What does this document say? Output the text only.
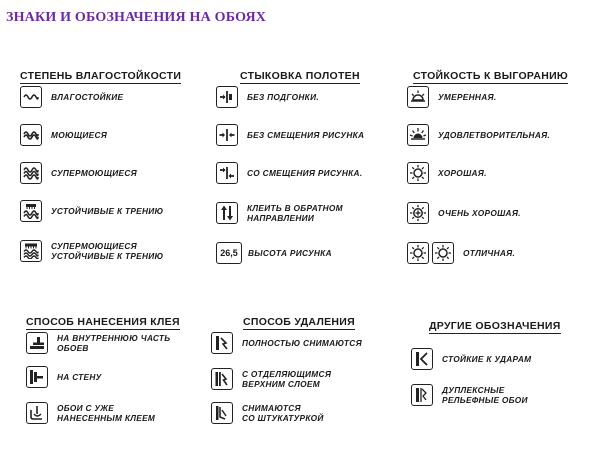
ЗНАКИ И ОБОЗНАЧЕНИЯ НА ОБОЯХ
СТЕПЕНЬ ВЛАГОСТОЙКОСТИ
ВЛАГОСТОЙКИЕ
МОЮЩИЕСЯ
СУПЕРМОЮЩИЕСЯ
УСТОЙЧИВЫЕ К ТРЕНИЮ
СУПЕРМОЮЩИЕСЯ
УСТОЙЧИВЫЕ К ТРЕНИЮ
СТЫКОВКА ПОЛОТЕН
БЕЗ ПОДГОНКИ.
БЕЗ СМЕЩЕНИЯ РИСУНКА
СО СМЕЩЕНИЯ РИСУНКА.
КЛЕИТЬ В ОБРАТНОМ
НАПРАВЛЕНИИ
26,5 ВЫСОТА РИСУНКА
СТОЙКОСТЬ К ВЫГОРАНИЮ
УМЕРЕННАЯ.
УДОВЛЕТВОРИТЕЛЬНАЯ.
ХОРОШАЯ.
ОЧЕНЬ ХОРОШАЯ.
ОТЛИЧНАЯ.
СПОСОБ НАНЕСЕНИЯ КЛЕЯ
НА ВНУТРЕННЮЮ ЧАСТЬ
ОБОЕВ
НА СТЕНУ
ОБОИ С УЖЕ
НАНЕСЕННЫМ КЛЕЕМ
СПОСОБ УДАЛЕНИЯ
ПОЛНОСТЬЮ СНИМАЮТСЯ
С ОТДЕЛЯЮЩИМСЯ
ВЕРХНИМ СЛОЕМ
СНИМАЮТСЯ
СО ШТУКАТУРКОЙ
ДРУГИЕ ОБОЗНАЧЕНИЯ
СТОЙКИЕ К УДАРАМ
ДУПЛЕКСНЫЕ
РЕЛЬЕФНЫЕ ОБОИ
